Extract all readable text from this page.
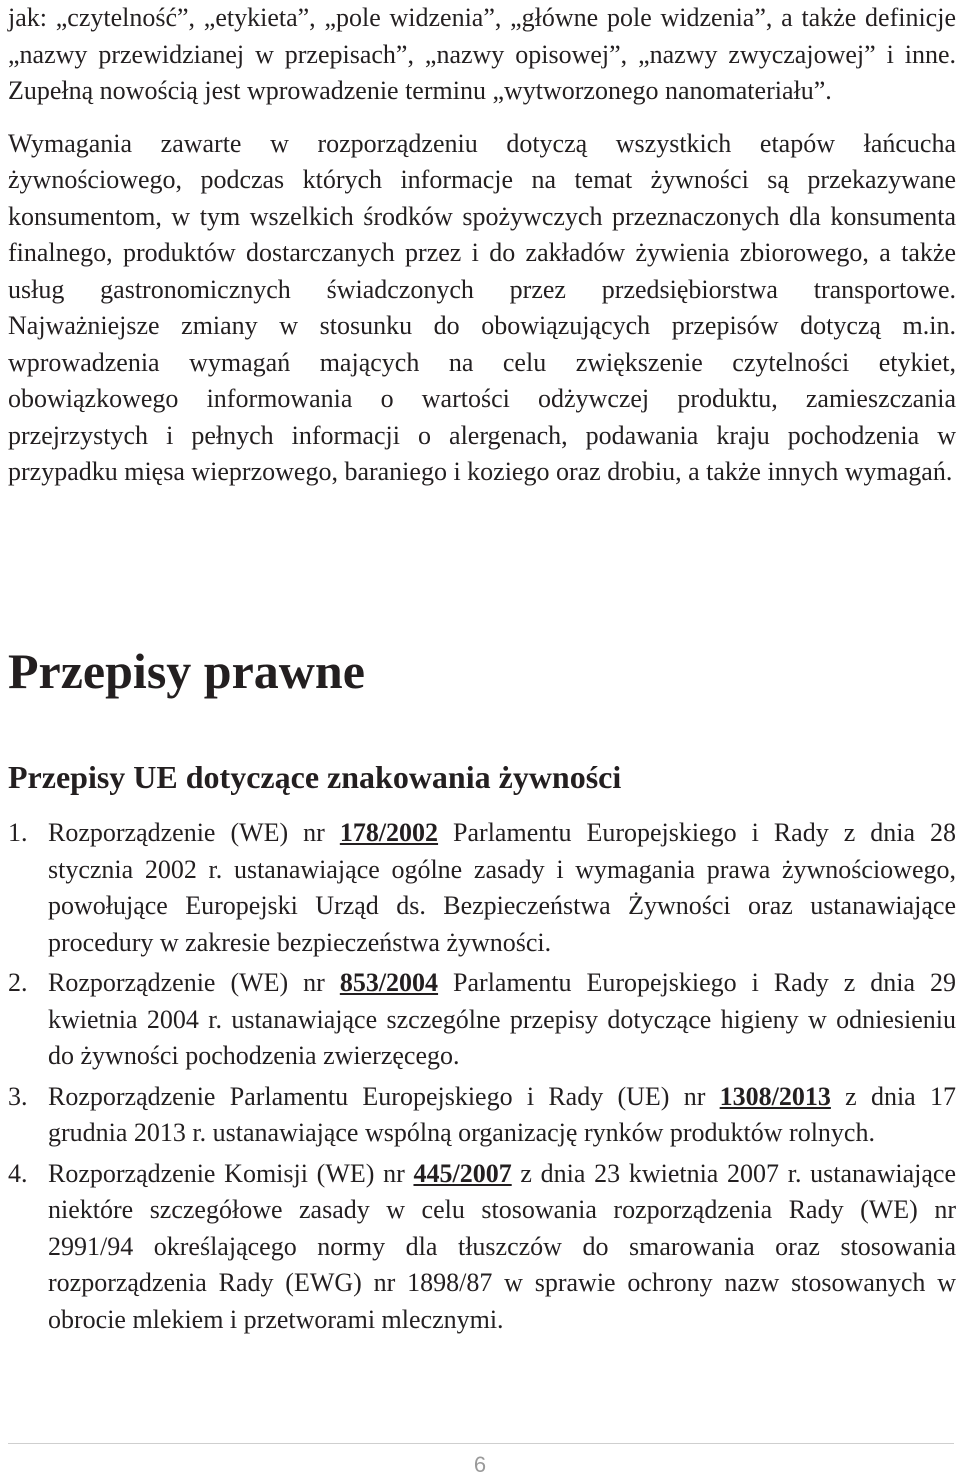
jak: „czytelność”, „etykieta”, „pole widzenia”, „główne pole widzenia”, a także definicje „nazwy przewidzianej w przepisach”, „nazwy opisowej”, „nazwy zwyczajowej” i inne. Zupełną nowością jest wprowadzenie terminu „wytworzonego nanomateriału”.

Wymagania zawarte w rozporządzeniu dotyczą wszystkich etapów łańcucha żywnościowego, podczas których informacje na temat żywności są przekazywane konsumentom, w tym wszelkich środków spożywczych przeznaczonych dla konsumenta finalnego, produktów dostarczanych przez i do zakładów żywienia zbiorowego, a także usług gastronomicznych świadczonych przez przedsiębiorstwa transportowe. Najważniejsze zmiany w stosunku do obowiązujących przepisów dotyczą m.in. wprowadzenia wymagań mających na celu zwiększenie czytelności etykiet, obowiązkowego informowania o wartości odżywczej produktu, zamieszczania przejrzystych i pełnych informacji o alergenach, podawania kraju pochodzenia w przypadku mięsa wieprzowego, baraniego i koziego oraz drobiu, a także innych wymagań.

Przepisy prawne
Przepisy UE dotyczące znakowania żywności
1. Rozporządzenie (WE) nr 178/2002 Parlamentu Europejskiego i Rady z dnia 28 stycznia 2002 r. ustanawiające ogólne zasady i wymagania prawa żywnościowego, powołujące Europejski Urząd ds. Bezpieczeństwa Żywności oraz ustanawiające procedury w zakresie bezpieczeństwa żywności.
2. Rozporządzenie (WE) nr 853/2004 Parlamentu Europejskiego i Rady z dnia 29 kwietnia 2004 r. ustanawiające szczególne przepisy dotyczące higieny w odniesieniu do żywności pochodzenia zwierzęcego.
3. Rozporządzenie Parlamentu Europejskiego i Rady (UE) nr 1308/2013 z dnia 17 grudnia 2013 r. ustanawiające wspólną organizację rynków produktów rolnych.
4. Rozporządzenie Komisji (WE) nr 445/2007 z dnia 23 kwietnia 2007 r. ustanawiające niektóre szczegółowe zasady w celu stosowania rozporządzenia Rady (WE) nr 2991/94 określającego normy dla tłuszczów do smarowania oraz stosowania rozporządzenia Rady (EWG) nr 1898/87 w sprawie ochrony nazw stosowanych w obrocie mlekiem i przetworami mlecznymi.
6
